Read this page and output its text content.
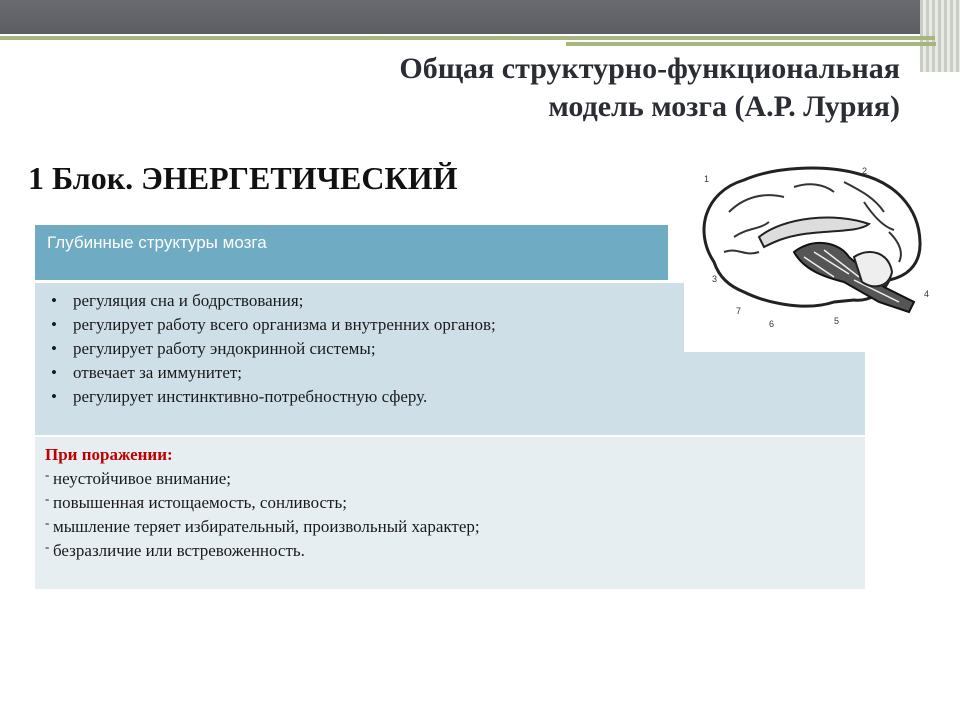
Общая структурно-функциональная
модель мозга (А.Р. Лурия)
1 Блок. ЭНЕРГЕТИЧЕСКИЙ
Глубинные структуры мозга
• регуляция сна и бодрствования;
• регулирует работу всего организма и внутренних органов;
• регулирует работу эндокринной системы;
• отвечает за иммунитет;
• регулирует инстинктивно-потребностную сферу.
При поражении:
- неустойчивое внимание;
- повышенная истощаемость, сонливость;
- мышление теряет избирательный, произвольный характер;
- безразличие или встревоженность.
1
2
3
4
5
6
7
